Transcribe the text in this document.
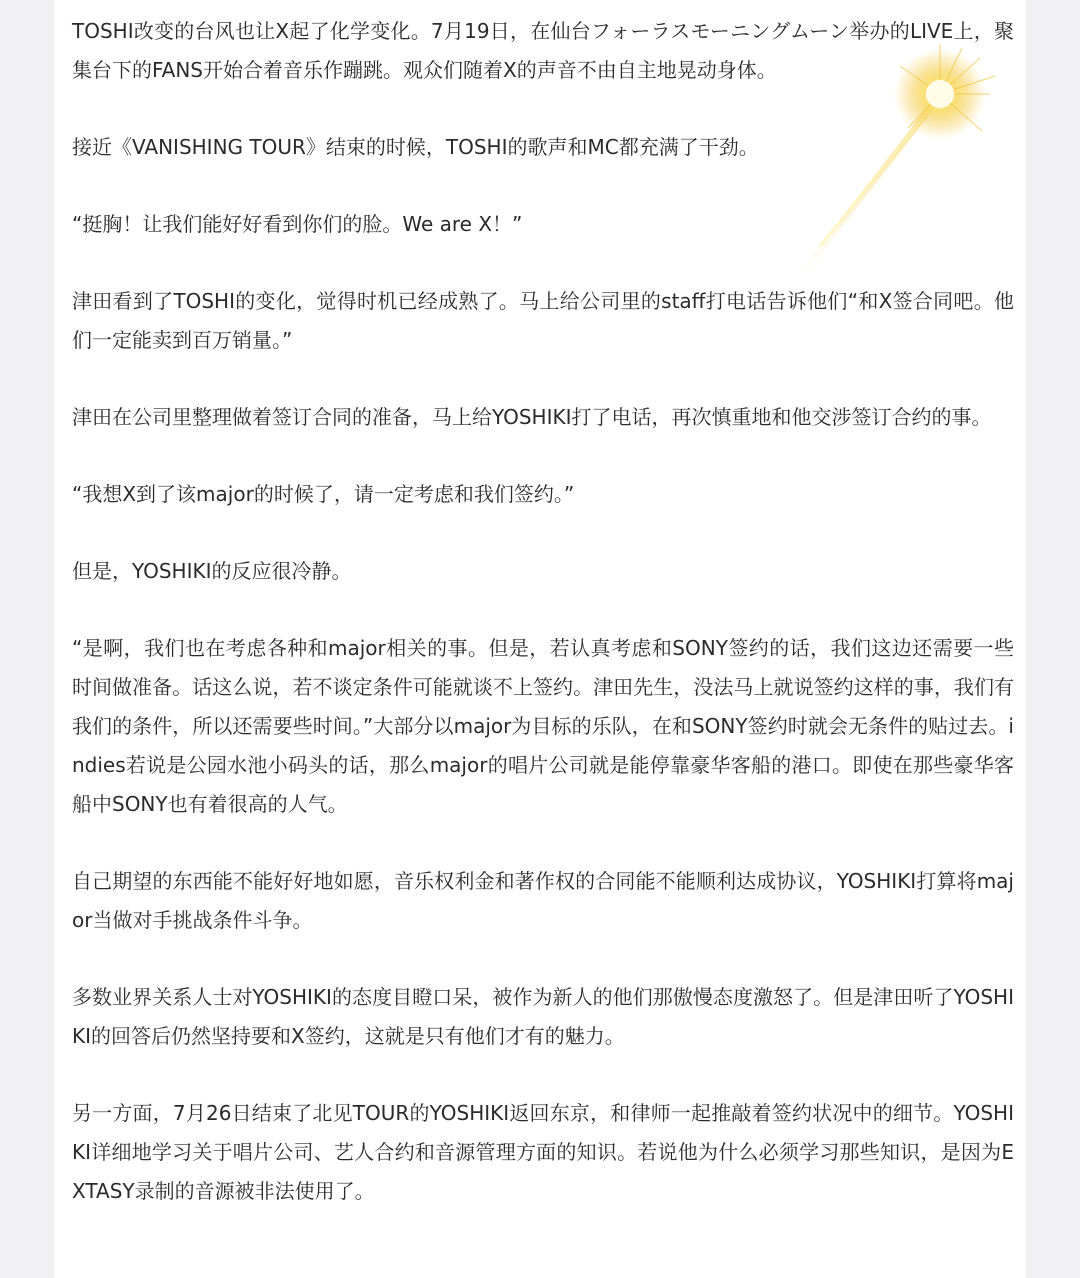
TOSHI改变的台风也让X起了化学变化。7月19日，在仙台フォーラスモーニングムーン举办的LIVE上，聚集台下的FANS开始合着音乐作蹦跳。观众们随着X的声音不由自主地晃动身体。

接近《VANISHING TOUR》结束的时候，TOSHI的歌声和MC都充满了干劲。

“挺胸！让我们能好好看到你们的脸。We are X！”

津田看到了TOSHI的变化，觉得时机已经成熟了。马上给公司里的staff打电话告诉他们“和X签合同吧。他们一定能卖到百万销量。”

津田在公司里整理做着签订合同的准备，马上给YOSHIKI打了电话，再次慎重地和他交涉签订合约的事。

“我想X到了该major的时候了，请一定考虑和我们签约。”

但是，YOSHIKI的反应很冷静。

“是啊，我们也在考虑各种和major相关的事。但是，若认真考虑和SONY签约的话，我们这边还需要一些时间做准备。话这么说，若不谈定条件可能就谈不上签约。津田先生，没法马上就说签约这样的事，我们有我们的条件，所以还需要些时间。”大部分以major为目标的乐队，在和SONY签约时就会无条件的贴过去。indies若说是公园水池小码头的话，那么major的唱片公司就是能停靠豪华客船的港口。即使在那些豪华客船中SONY也有着很高的人气。

自己期望的东西能不能好好地如愿，音乐权利金和著作权的合同能不能顺利达成协议，YOSHIKI打算将major当做对手挑战条件斗争。

多数业界关系人士对YOSHIKI的态度目瞪口呆，被作为新人的他们那傲慢态度激怒了。但是津田听了YOSHIKI的回答后仍然坚持要和X签约，这就是只有他们才有的魅力。

另一方面，7月26日结束了北见TOUR的YOSHIKI返回东京，和律师一起推敲着签约状况中的细节。YOSHIKI详细地学习关于唱片公司、艺人合约和音源管理方面的知识。若说他为什么必须学习那些知识，是因为EXTASY录制的音源被非法使用了。
